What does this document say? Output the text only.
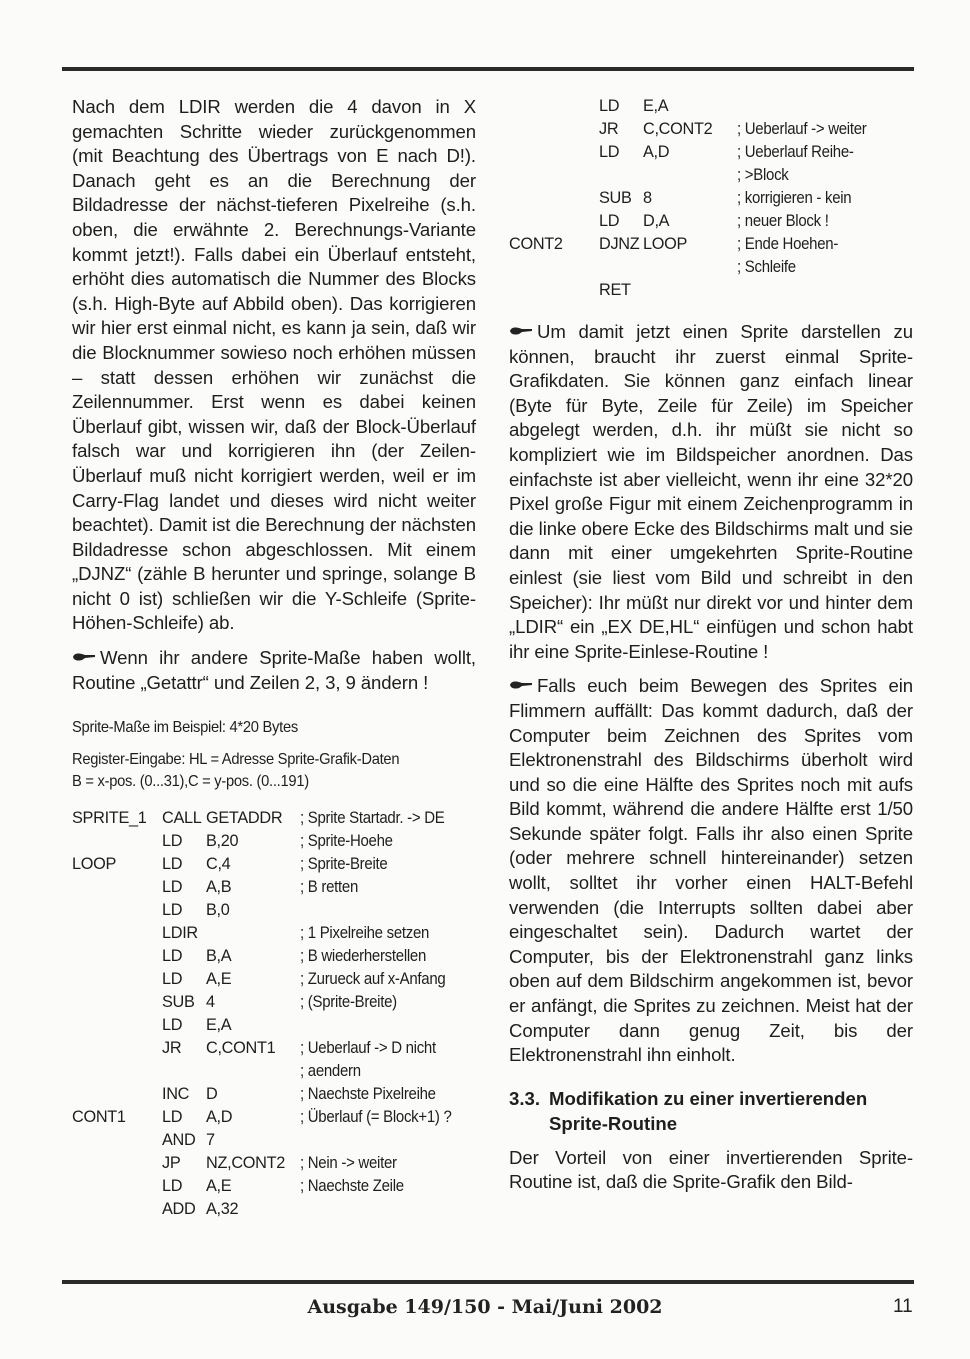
Nach dem LDIR werden die 4 davon in X gemachten Schritte wieder zurückgenommen (mit Beachtung des Übertrags von E nach D!). Danach geht es an die Berechnung der Bildadresse der nächst-tieferen Pixelreihe (s.h. oben, die erwähnte 2. Berechnungs-Variante kommt jetzt!). Falls dabei ein Überlauf entsteht, erhöht dies automatisch die Nummer des Blocks (s.h. High-Byte auf Abbild oben). Das korrigieren wir hier erst einmal nicht, es kann ja sein, daß wir die Blocknummer sowieso noch erhöhen müssen – statt dessen erhöhen wir zunächst die Zeilennummer. Erst wenn es dabei keinen Überlauf gibt, wissen wir, daß der Block-Überlauf falsch war und korrigieren ihn (der Zeilen-Überlauf muß nicht korrigiert werden, weil er im Carry-Flag landet und dieses wird nicht weiter beachtet). Damit ist die Berechnung der nächsten Bildadresse schon abgeschlossen. Mit einem „DJNZ“ (zähle B herunter und springe, solange B nicht 0 ist) schließen wir die Y-Schleife (Sprite-Höhen-Schleife) ab.

Wenn ihr andere Sprite-Maße haben wollt, Routine „Getattr“ und Zeilen 2, 3, 9 ändern !

Sprite-Maße im Beispiel: 4*20 Bytes

Register-Eingabe: HL = Adresse Sprite-Grafik-Daten

B = x-pos. (0...31),C = y-pos. (0...191)

SPRITE_1 CALL GETADDR	; Sprite Startadr. -> DE
LD	B,20	; Sprite-Hoehe
LOOP	LD	C,4	; Sprite-Breite
LD	A,B	; B retten
LD	B,0
LDIR	; 1 Pixelreihe setzen
LD	B,A	; B wiederherstellen
LD	A,E	; Zurueck auf x-Anfang
SUB 4	; (Sprite-Breite)
LD	E,A
JR	C,CONT1	; Ueberlauf -> D nicht
; aendern
INC	D	; Naechste Pixelreihe
CONT1	LD	A,D	; Überlauf (= Block+1) ?
AND 7
JP	NZ,CONT2 ; Nein -> weiter
LD	A,E	; Naechste Zeile
ADD A,32
LD	E,A
JR	C,CONT2	; Ueberlauf -> weiter
LD	A,D	; Ueberlauf Reihe-
; >Block
SUB 8	; korrigieren - kein
LD	D,A	; neuer Block !
CONT2	DJNZ LOOP	; Ende Hoehen-
; Schleife
RET

Um damit jetzt einen Sprite darstellen zu können, braucht ihr zuerst einmal Sprite-Grafikdaten. Sie können ganz einfach linear (Byte für Byte, Zeile für Zeile) im Speicher abgelegt werden, d.h. ihr müßt sie nicht so kompliziert wie im Bildspeicher anordnen. Das einfachste ist aber vielleicht, wenn ihr eine 32*20 Pixel große Figur mit einem Zeichenprogramm in die linke obere Ecke des Bildschirms malt und sie dann mit einer umgekehrten Sprite-Routine einlest (sie liest vom Bild und schreibt in den Speicher): Ihr müßt nur direkt vor und hinter dem „LDIR“ ein „EX DE,HL“ einfügen und schon habt ihr eine Sprite-Einlese-Routine !

Falls euch beim Bewegen des Sprites ein Flimmern auffällt: Das kommt dadurch, daß der Computer beim Zeichnen des Sprites vom Elektronenstrahl des Bildschirms überholt wird und so die eine Hälfte des Sprites noch mit aufs Bild kommt, während die andere Hälfte erst 1/50 Sekunde später folgt. Falls ihr also einen Sprite (oder mehrere schnell hintereinander) setzen wollt, solltet ihr vorher einen HALT-Befehl verwenden (die Interrupts sollten dabei aber eingeschaltet sein). Dadurch wartet der Computer, bis der Elektronenstrahl ganz links oben auf dem Bildschirm angekommen ist, bevor er anfängt, die Sprites zu zeichnen. Meist hat der Computer dann genug Zeit, bis der Elektronenstrahl ihn einholt.

3.3. Modifikation zu einer invertierenden
Sprite-Routine

Der Vorteil von einer invertierenden Sprite-Routine ist, daß die Sprite-Grafik den Bild-

Ausgabe 149/150 - Mai/Juni 2002	11
